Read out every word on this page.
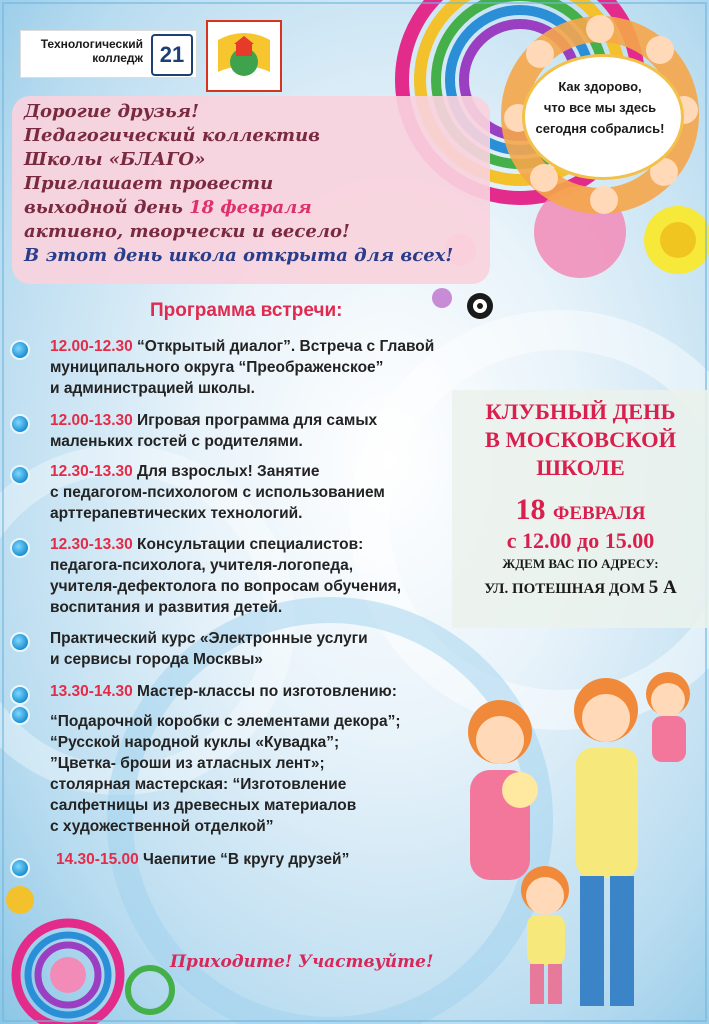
Технологический
колледж 21
Дорогие друзья!
Педагогический коллектив
Школы «БЛАГО»
Приглашает провести
выходной день 18 февраля
активно, творчески и весело!
В этот день школа открыта для всех!
Как здорово,
что все мы здесь
сегодня собрались!
Программа встречи:
12.00-12.30 “Открытый диалог”. Встреча с Главой
муниципального округа “Преображенское”
и администрацией школы.
12.00-13.30 Игровая программа для самых
маленьких гостей с родителями.
12.30-13.30 Для взрослых! Занятие
с педагогом-психологом с использованием
арттерапевтических технологий.
12.30-13.30 Консультации специалистов:
педагога-психолога, учителя-логопеда,
учителя-дефектолога по вопросам обучения,
воспитания и развития детей.
Практический курс «Электронные услуги
и сервисы города Москвы»
13.30-14.30 Мастер-классы по изготовлению:
“Подарочной коробки с элементами декора”;
“Русской народной куклы «Кувадка”;
”Цветка- броши из атласных лент»;
столярная мастерская: “Изготовление
салфетницы из древесных материалов
с художественной отделкой”
14.30-15.00 Чаепитие “В кругу друзей”
КЛУБНЫЙ ДЕНЬ
В МОСКОВСКОЙ
ШКОЛЕ
18 ФЕВРАЛЯ
с 12.00 до 15.00
ЖДЕМ ВАС ПО АДРЕСУ:
УЛ. ПОТЕШНАЯ ДОМ 5 А
Приходите! Участвуйте!
